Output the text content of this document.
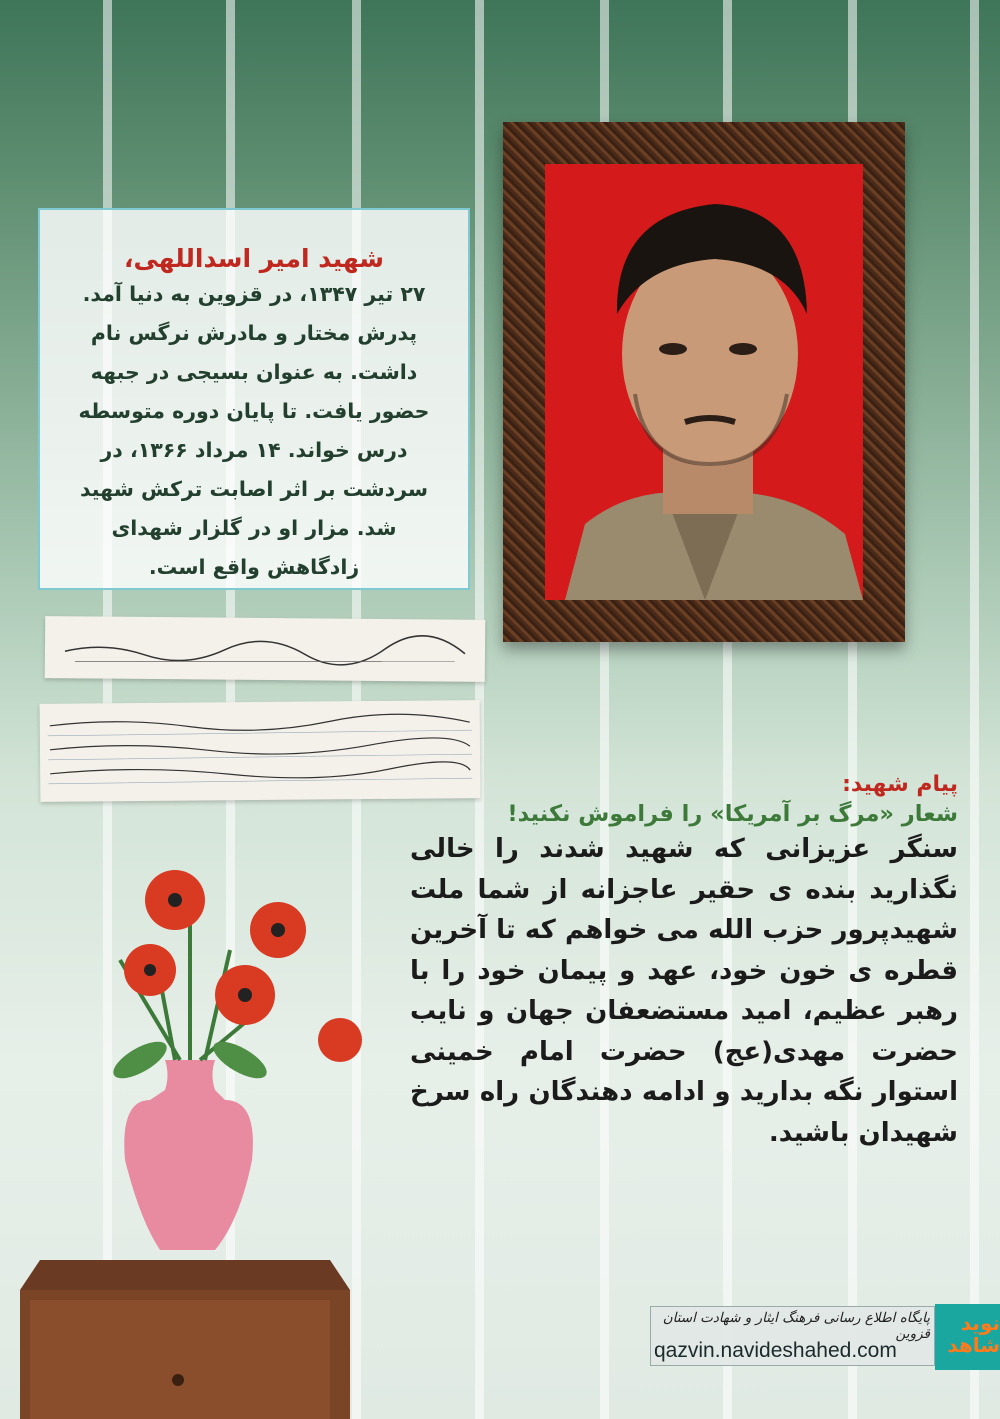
شهید امیر اسداللهی،

۲۷ تیر ۱۳۴۷، در قزوین به دنیا آمد. پدرش مختار و مادرش نرگس نام داشت. به عنوان بسیجی در جبهه حضور یافت. تا پایان دوره متوسطه درس خواند. ۱۴ مرداد ۱۳۶۶، در سردشت بر اثر اصابت ترکش شهید شد. مزار او در گلزار شهدای زادگاهش واقع است.

پیام شهید:

شعار «مرگ بر آمریکا» را فراموش نکنید!

سنگر عزیزانی که شهید شدند را خالی نگذارید بنده ی حقیر عاجزانه از شما ملت شهیدپرور حزب الله می خواهم که تا آخرین قطره ی خون خود، عهد و پیمان خود را با رهبر عظیم، امید مستضعفان جهان و نایب حضرت مهدی(عج) حضرت امام خمینی استوار نگه بدارید و ادامه دهندگان راه سرخ شهیدان باشید.

پایگاه اطلاع رسانی فرهنگ ایثار و شهادت استان قزوین
qazvin.navideshahed.com
نوید شاهد
